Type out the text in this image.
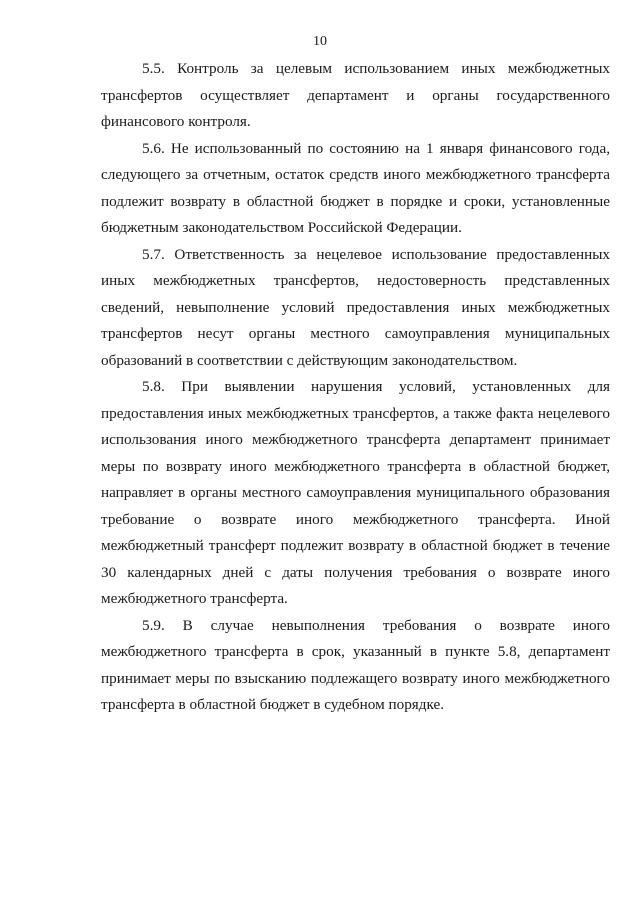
10

5.5. Контроль за целевым использованием иных межбюджетных трансфертов осуществляет департамент и органы государственного финансового контроля.

5.6. Не использованный по состоянию на 1 января финансового года, следующего за отчетным, остаток средств иного межбюджетного трансферта подлежит возврату в областной бюджет в порядке и сроки, установленные бюджетным законодательством Российской Федерации.

5.7. Ответственность за нецелевое использование предоставленных иных межбюджетных трансфертов, недостоверность представленных сведений, невыполнение условий предоставления иных межбюджетных трансфертов несут органы местного самоуправления муниципальных образований в соответствии с действующим законодательством.

5.8. При выявлении нарушения условий, установленных для предоставления иных межбюджетных трансфертов, а также факта нецелевого использования иного межбюджетного трансферта департамент принимает меры по возврату иного межбюджетного трансферта в областной бюджет, направляет в органы местного самоуправления муниципального образования требование о возврате иного межбюджетного трансферта. Иной межбюджетный трансферт подлежит возврату в областной бюджет в течение 30 календарных дней с даты получения требования о возврате иного межбюджетного трансферта.

5.9. В случае невыполнения требования о возврате иного межбюджетного трансферта в срок, указанный в пункте 5.8, департамент принимает меры по взысканию подлежащего возврату иного межбюджетного трансферта в областной бюджет в судебном порядке.
